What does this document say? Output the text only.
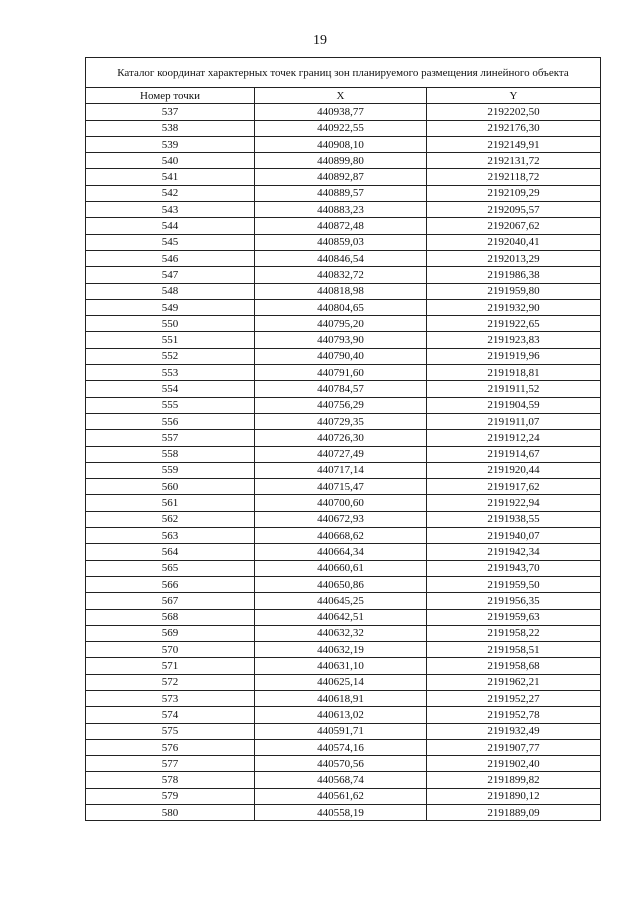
19
Каталог координат характерных точек границ зон планируемого размещения линейного объекта		
Номер точки	X	Y
537	440938,77	2192202,50
538	440922,55	2192176,30
539	440908,10	2192149,91
540	440899,80	2192131,72
541	440892,87	2192118,72
542	440889,57	2192109,29
543	440883,23	2192095,57
544	440872,48	2192067,62
545	440859,03	2192040,41
546	440846,54	2192013,29
547	440832,72	2191986,38
548	440818,98	2191959,80
549	440804,65	2191932,90
550	440795,20	2191922,65
551	440793,90	2191923,83
552	440790,40	2191919,96
553	440791,60	2191918,81
554	440784,57	2191911,52
555	440756,29	2191904,59
556	440729,35	2191911,07
557	440726,30	2191912,24
558	440727,49	2191914,67
559	440717,14	2191920,44
560	440715,47	2191917,62
561	440700,60	2191922,94
562	440672,93	2191938,55
563	440668,62	2191940,07
564	440664,34	2191942,34
565	440660,61	2191943,70
566	440650,86	2191959,50
567	440645,25	2191956,35
568	440642,51	2191959,63
569	440632,32	2191958,22
570	440632,19	2191958,51
571	440631,10	2191958,68
572	440625,14	2191962,21
573	440618,91	2191952,27
574	440613,02	2191952,78
575	440591,71	2191932,49
576	440574,16	2191907,77
577	440570,56	2191902,40
578	440568,74	2191899,82
579	440561,62	2191890,12
580	440558,19	2191889,09
